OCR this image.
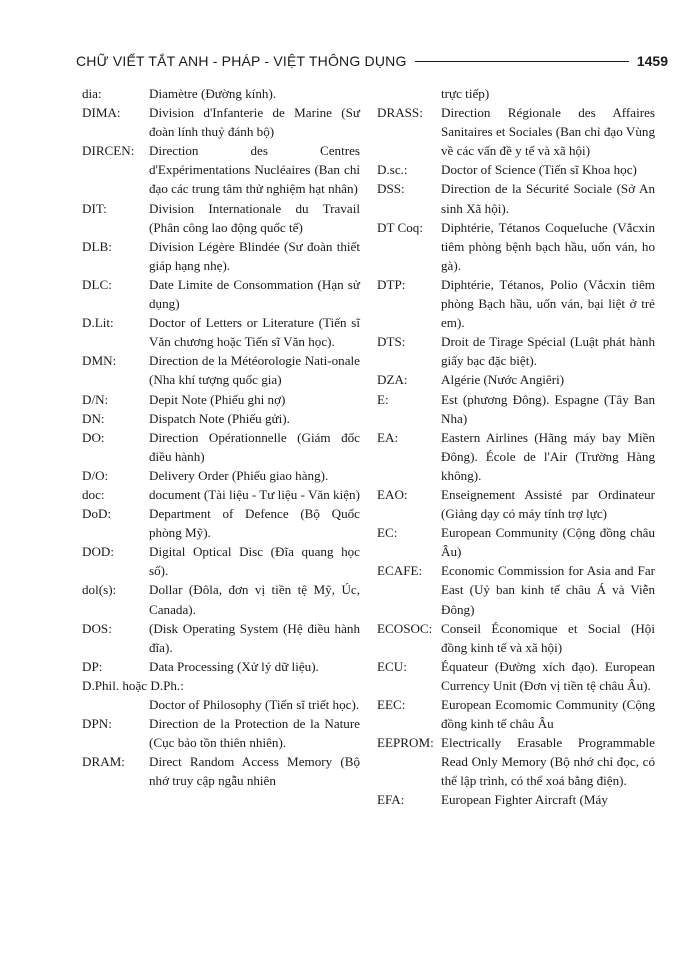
CHỮ VIẾT TẮT ANH - PHÁP - VIỆT THÔNG DỤNG	1459
dia:	Diamètre (Đường kính).
DIMA:	Division d'Infanterie de Marine (Sư đoàn lính thuỷ đánh bộ)
DIRCEN:	Direction des Centres d'Expérimentations Nucléaires (Ban chỉ đạo các trung tâm thử nghiệm hạt nhân)
DIT:	Division Internationale du Travail (Phân công lao động quốc tế)
DLB:	Division Légère Blindée (Sư đoàn thiết giáp hạng nhẹ).
DLC:	Date Limite de Consommation (Hạn sử dụng)
D.Lit:	Doctor of Letters or Literature (Tiến sĩ Văn chương hoặc Tiến sĩ Văn học).
DMN:	Direction de la Météorologie Nati-onale (Nha khí tượng quốc gia)
D/N:	Depit Note (Phiếu ghi nợ)
DN:	Dispatch Note (Phiếu gửi).
DO:	Direction Opérationnelle (Giám đốc điều hành)
D/O:	Delivery Order (Phiếu giao hàng).
doc:	document (Tài liệu - Tư liệu - Văn kiện)
DoD:	Department of Defence (Bộ Quốc phòng Mỹ).
DOD:	Digital Optical Disc (Đĩa quang học số).
dol(s):	Dollar (Đôla, đơn vị tiền tệ Mỹ, Úc, Canada).
DOS:	(Disk Operating System (Hệ điều hành đĩa).
DP:	Data Processing (Xử lý dữ liệu).
D.Phil. hoặc D.Ph.:
Doctor of Philosophy (Tiến sĩ triết học).
DPN:	Direction de la Protection de la Nature (Cục bảo tồn thiên nhiên).
DRAM:	Direct Random Access Memory (Bộ nhớ truy cập ngẫu nhiên
trực tiếp)
DRASS:	Direction Régionale des Affaires Sanitaires et Sociales (Ban chỉ đạo Vùng về các vấn đề y tế và xã hội)
D.sc.:	Doctor of Science (Tiến sĩ Khoa học)
DSS:	Direction de la Sécurité Sociale (Sở An sinh Xã hội).
DT Coq:	Diphtérie, Tétanos Coqueluche (Vắcxin tiêm phòng bệnh bạch hầu, uốn ván, ho gà).
DTP:	Diphtérie, Tétanos, Polio (Vắcxin tiêm phòng Bạch hầu, uốn ván, bại liệt ở trẻ em).
DTS:	Droit de Tirage Spécial (Luật phát hành giấy bạc đặc biệt).
DZA:	Algérie (Nước Angiêri)
E:	Est (phương Đông). Espagne (Tây Ban Nha)
EA:	Eastern Airlines (Hãng máy bay Miền Đông). École de l'Air (Trường Hàng không).
EAO:	Enseignement Assisté par Ordinateur (Giảng dạy có máy tính trợ lực)
EC:	European Community (Cộng đồng châu Âu)
ECAFE:	Economic Commission for Asia and Far East (Uỷ ban kinh tế châu Á và Viễn Đông)
ECOSOC: Conseil Économique et Social (Hội đồng kinh tế và xã hội)
ECU:	Équateur (Đường xích đạo). European Currency Unit (Đơn vị tiền tệ châu Âu).
EEC:	European Ecomomic Community (Cộng đồng kinh tế châu Âu
EEPROM: Electrically Erasable Programmable Read Only Memory (Bộ nhớ chỉ đọc, có thể lập trình, có thể xoá bằng điện).
EFA:	European Fighter Aircraft (Máy
